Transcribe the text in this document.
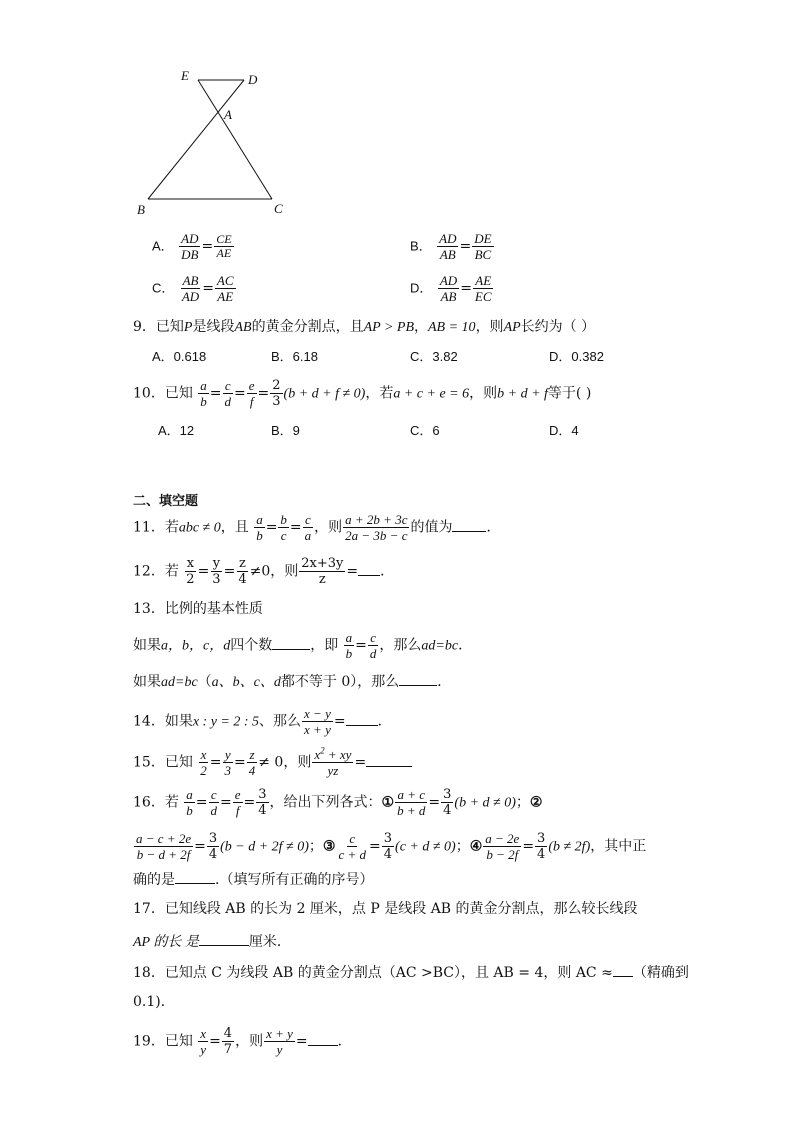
E	D
A
B	C
A． $\frac{AD}{DB} = \frac{CE}{AE}$	B． $\frac{AD}{AB} = \frac{DE}{BC}$
C． $\frac{AB}{AD} = \frac{AC}{AE}$	D． $\frac{AD}{AB} = \frac{AE}{EC}$
9．已知P是线段AB的黄金分割点，且AP > PB，AB = 10，则AP长约为（ ）
A．0.618	B．6.18	C．3.82	D．0.382
10．已知 $\frac{a}{b} = \frac{c}{d} = \frac{e}{f} = \frac{2}{3} (b + d + f \ne 0)$，若a + c + e = 6，则b + d + f等于( )
A．12	B．9	C．6	D．4
二、填空题
11．若abc ≠ 0，且 $\frac{a}{b} = \frac{b}{c} = \frac{c}{a}$ ，则 $\frac{a + 2b + 3c}{2a - 3b - c}$ 的值为 ．
12．若 $\frac{x}{2} = \frac{y}{3} = \frac{z}{4} \ne 0$，则 $\frac{2x+3y}{z}$ = ．
13．比例的基本性质
如果a，b，c，d四个数	，即 $\frac{a}{b} = \frac{c}{d}$ ，那么ad=bc．
如果ad=bc（a、b、c、d都不等于 0），那么	．
14．如果x : y = 2 : 5、那么 $\frac{x - y}{x + y}$ = ．
15．已知 $\frac{x}{2} = \frac{y}{3} = \frac{z}{4} \ne 0$，则 $\frac{x^2 + xy}{yz}$ =
16．若 $\frac{a}{b} = \frac{c}{d} = \frac{e}{f} = \frac{3}{4}$ ，给出下列各式：① $\frac{a + c}{b + d} = \frac{3}{4} (b + d \ne 0)$；②
$\frac{a - c + 2e}{b - d + 2f} = \frac{3}{4} (b - d + 2f \ne 0)$；③ $\frac{c}{c + d} = \frac{3}{4} (c + d \ne 0)$；④ $\frac{a - 2e}{b - 2f} = \frac{3}{4} (b \ne 2f)$，其中正
确的是	.（填写所有正确的序号）
17．已知线段 AB 的长为 2 厘米，点 P 是线段 AB 的黄金分割点，那么较长线段
AP 的长 是	厘米．
18．已知点 C 为线段 AB 的黄金分割点（AC >BC），且 AB = 4，则 AC ≈ （精确到
0.1)．
19．已知 $\frac{x}{y} = \frac{4}{7}$ ，则 $\frac{x + y}{y}$ = ．
